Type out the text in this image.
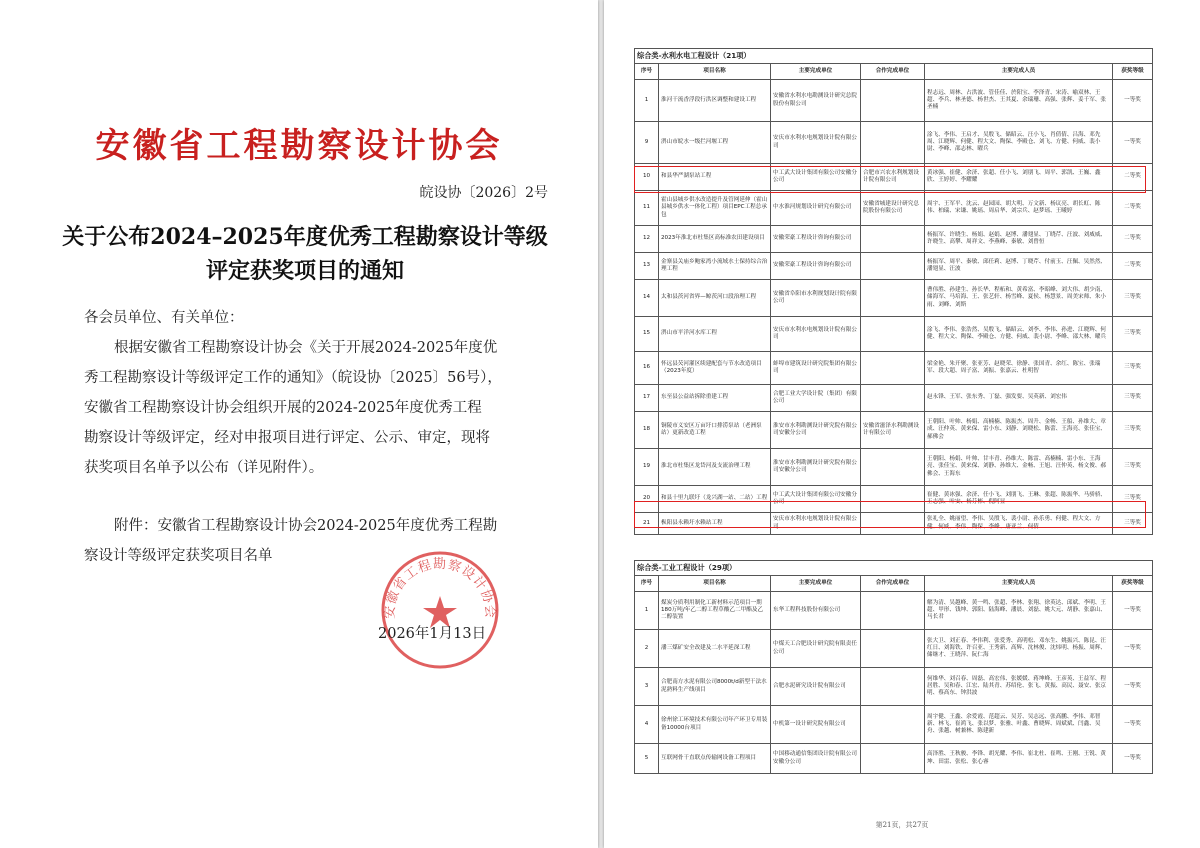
安徽省工程勘察设计协会
皖设协〔2026〕2号
关于公布2024–2025年度优秀工程勘察设计等级
评定获奖项目的通知
各会员单位、有关单位：
根据安徽省工程勘察设计协会《关于开展2024-2025年度优
秀工程勘察设计等级评定工作的通知》（皖设协〔2025〕56号），
安徽省工程勘察设计协会组织开展的2024-2025年度优秀工程
勘察设计等级评定，经对申报项目进行评定、公示、审定，现将
获奖项目名单予以公布（详见附件）。
附件：安徽省工程勘察设计协会2024-2025年度优秀工程勘
察设计等级评定获奖项目名单
安徽省工程勘察设计协会
2026年1月13日
综合类-水利水电工程设计（21项）					
序号	项目名称	主要完成单位	合作完成单位	主要完成人员	获奖等级
1	淮河干流香浮段行洪区调整和建设工程	安徽省水利水电勘测设计研究总院股份有限公司		程志远、周林、占洪波、管佳佳、於阳宝、李泽青、宋涛、喻双林、王超、李兵、林圣德、杨世杰、王其夏、余瑞珊、高强、张辉、姜千军、张圣楠	一等奖
9	淠山市皖水一级拦河堰工程	安庆市水利水电规划设计院有限公司		涂飞、李伟、王启才、吴殷飞、储昭云、汪小飞、肖倩倩、吕海、邓先周、江晓辉、何健、程大文、陶保、李殿仓、刘飞、方健、何威、裴小尉、李峰、邵志林、曜兵	一等奖
10	和县华严湖泵站工程	中工武大设计集团有限公司安徽分公司	合肥市兴农水利规划设计院有限公司	黄冰强、崔健、余济、张超、任小飞、刘朋飞、周平、郭凯、王巍、鑫欣、王婷婷、李耀耀	二等奖
11	霍山县城乡供水改造提升及管网延伸（霍山县城乡供水一体化工程）项目EPC工程总承包	中水淮河规划设计研究有限公司	安徽省城建设计研究总院股份有限公司	周宇、王军平、沈云、赵园园、胡大明、万文新、杨议亮、胡长虹、陈伟、柏瑞、宋谦、姚瑶、周启华、刘宗兵、赵梦瑶、王曦婷	二等奖
12	2023年淮北市杜集区高标准农田建设项目	安徽荣豪工程设计咨询有限公司		杨振军、许晓生、杨娟、赵娟、赵博、潘翅显、丁晓芹、汪波、刘威威、许晓生、高攀、周祥文、李燕峰、秦敏、刘曾恒	二等奖
13	金寨县关庙乡鲍家湾小流域水土保持综合治理工程	安徽荣豪工程设计咨询有限公司		杨振军、周平、秦敏、邱任莉、赵博、丁晓芹、付前玉、汪佩、吴然然、潘翅显、汪波	二等奖
14	太和县茨河省界—鲸茨河口段治理工程	安徽省阜阳市水利规划设计院有限公司		曹伟胜、孙建生、孙长华、程柘和、黄希富、李昭峰、刘大伟、胡少南、储海军、马培海、王、张艺轩、杨雪峰、夏侯、杨慧景、周美宋师、朱小雨、刘峰、刘斯	三等奖
15	淠山市平洋河水库工程	安庆市水利水电规划设计院有限公司		涂飞、李伟、张浩然、吴殷飞、储昭云、刘李、李伟、孙进、江晓辉、何健、程大文、陶保、李殿仓、方健、何威、裴小尉、李峰、邵大林、曜兵	三等奖
16	怀远县芡河灌区续建配套与节水改造项目（2023年度）	蚌埠市建筑设计研究院集团有限公司		梁金艳、朱开聚、张亚芳、赵晓荣、徐静、张国青、余红、陈宝、张瑞军、段大超、周子富、刘振、张嘉云、杜明智	三等奖
17	东至县公益站拆除重建工程	合肥工业大学设计院（集团）有限公司		赵永锋、王军、张东秀、丁磊、强发要、吴英新、刘宏伟	三等奖
18	铜陵市义安区万亩圩口排涝泵站（老洲泵站）更新改造工程	淮安市水利勘测设计研究院有限公司安徽分公司	安徽省滋泽水利勘测设计有限公司	王朝阳、叶帅、杨娟、高楠楠、陈振杰、周升、金畅、王船、孙维大、章成、汪仲英、黄来保、雷小东、刘静、刘晓松、陈蕾、王海亮、张佳宝、郝佛会	三等奖
19	淮北市杜集区龙岱河及支流治理工程	淮安市水利勘测设计研究院有限公司安徽分公司		王朝阳、杨娟、叶帅、甘丰青、孙维大、陈雷、高楠楠、雷小东、王海亮、张佳宝、黄来保、刘静、孙维大、金畅、王旭、汪仲英、杨文俊、郝佛会、王海东	三等奖
20	和县十里九联圩（龙兴湖一站、二站）工程	中工武大设计集团有限公司安徽分公司		崔健、黄冰强、余济、任小飞、刘朋飞、王琳、张超、陈振华、马骄骄、王志强、叶安、杨芬彬、倪阿显	三等奖
21	枞阳县永赖圩水赖站工程	安庆市水利水电规划设计院有限公司		张礼全、姚丽望、李伟、吴殷飞、裴小尉、孙乐勇、何健、程大文、方健、何威、李伟、陶保、李峰、唐亚兰、何倩	三等奖
综合类-工业工程设计（29项）					
序号	项目名称	主要完成单位	合作完成单位	主要完成人员	获奖等级
1	煤炭分质利用制化工新材料示范项目一期180万吨/年乙二醇工程草酸乙二甲酯及乙二醇装置	东华工程科技股份有限公司		解为清、吴越峰、黄一鸣、张超、李林、张翔、徐英达、邱斌、李明、王超、甲形、钱坤、郭阳、陆海峰、潘晨、刘磊、姚大元、胡静、张嘉山、马长君	一等奖
2	潘三煤矿安全改建及二水平延深工程	中煤天工合肥设计研究院有限责任公司		张大卫、刘正春、李伟利、张爱秀、高明松、邓东生、姚振兴、陈昆、汪红日、刘海铁、许召亚、王秀新、高辉、沈林俊、沈炜明、杨振、周辉、储继才、王晓萍、阮仁海	一等奖
3	合肥南方水泥有限公司8000t/d新型干法水泥熟料生产线项目	合肥水泥研究设计院有限公司		何维华、刘召春、周磊、高宏伟、张媛媛、蒋坤峰、王彦英、王益军、程居胜、吴和春、江宏、陆其青、苏绍伦、张飞、黄振、高民、聂安、张京明、蔡高东、钟洪波	一等奖
4	徐州徐工环境技术有限公司年产环卫专用装备10000台项目	中机第一设计研究院有限公司		周宇健、王鑫、余爱霞、范超云、吴芳、吴志远、张高鹏、李伟、邓智新、林飞、崔鸿飞、张以梦、张雅、叶鑫、曹晓辉、周斌斌、闫鑫、吴舟、张越、树兼林、陈建新	一等奖
5	互联网骨干直联点传输网设备工程项目	中国移动通信集团设计院有限公司安徽分公司		高泽胜、王秋骏、李锋、胡光耀、李伟、崔北杜、崔鸣、王刚、王锐、黄坤、田雷、张松、张心睿	一等奖
第21页，共27页
